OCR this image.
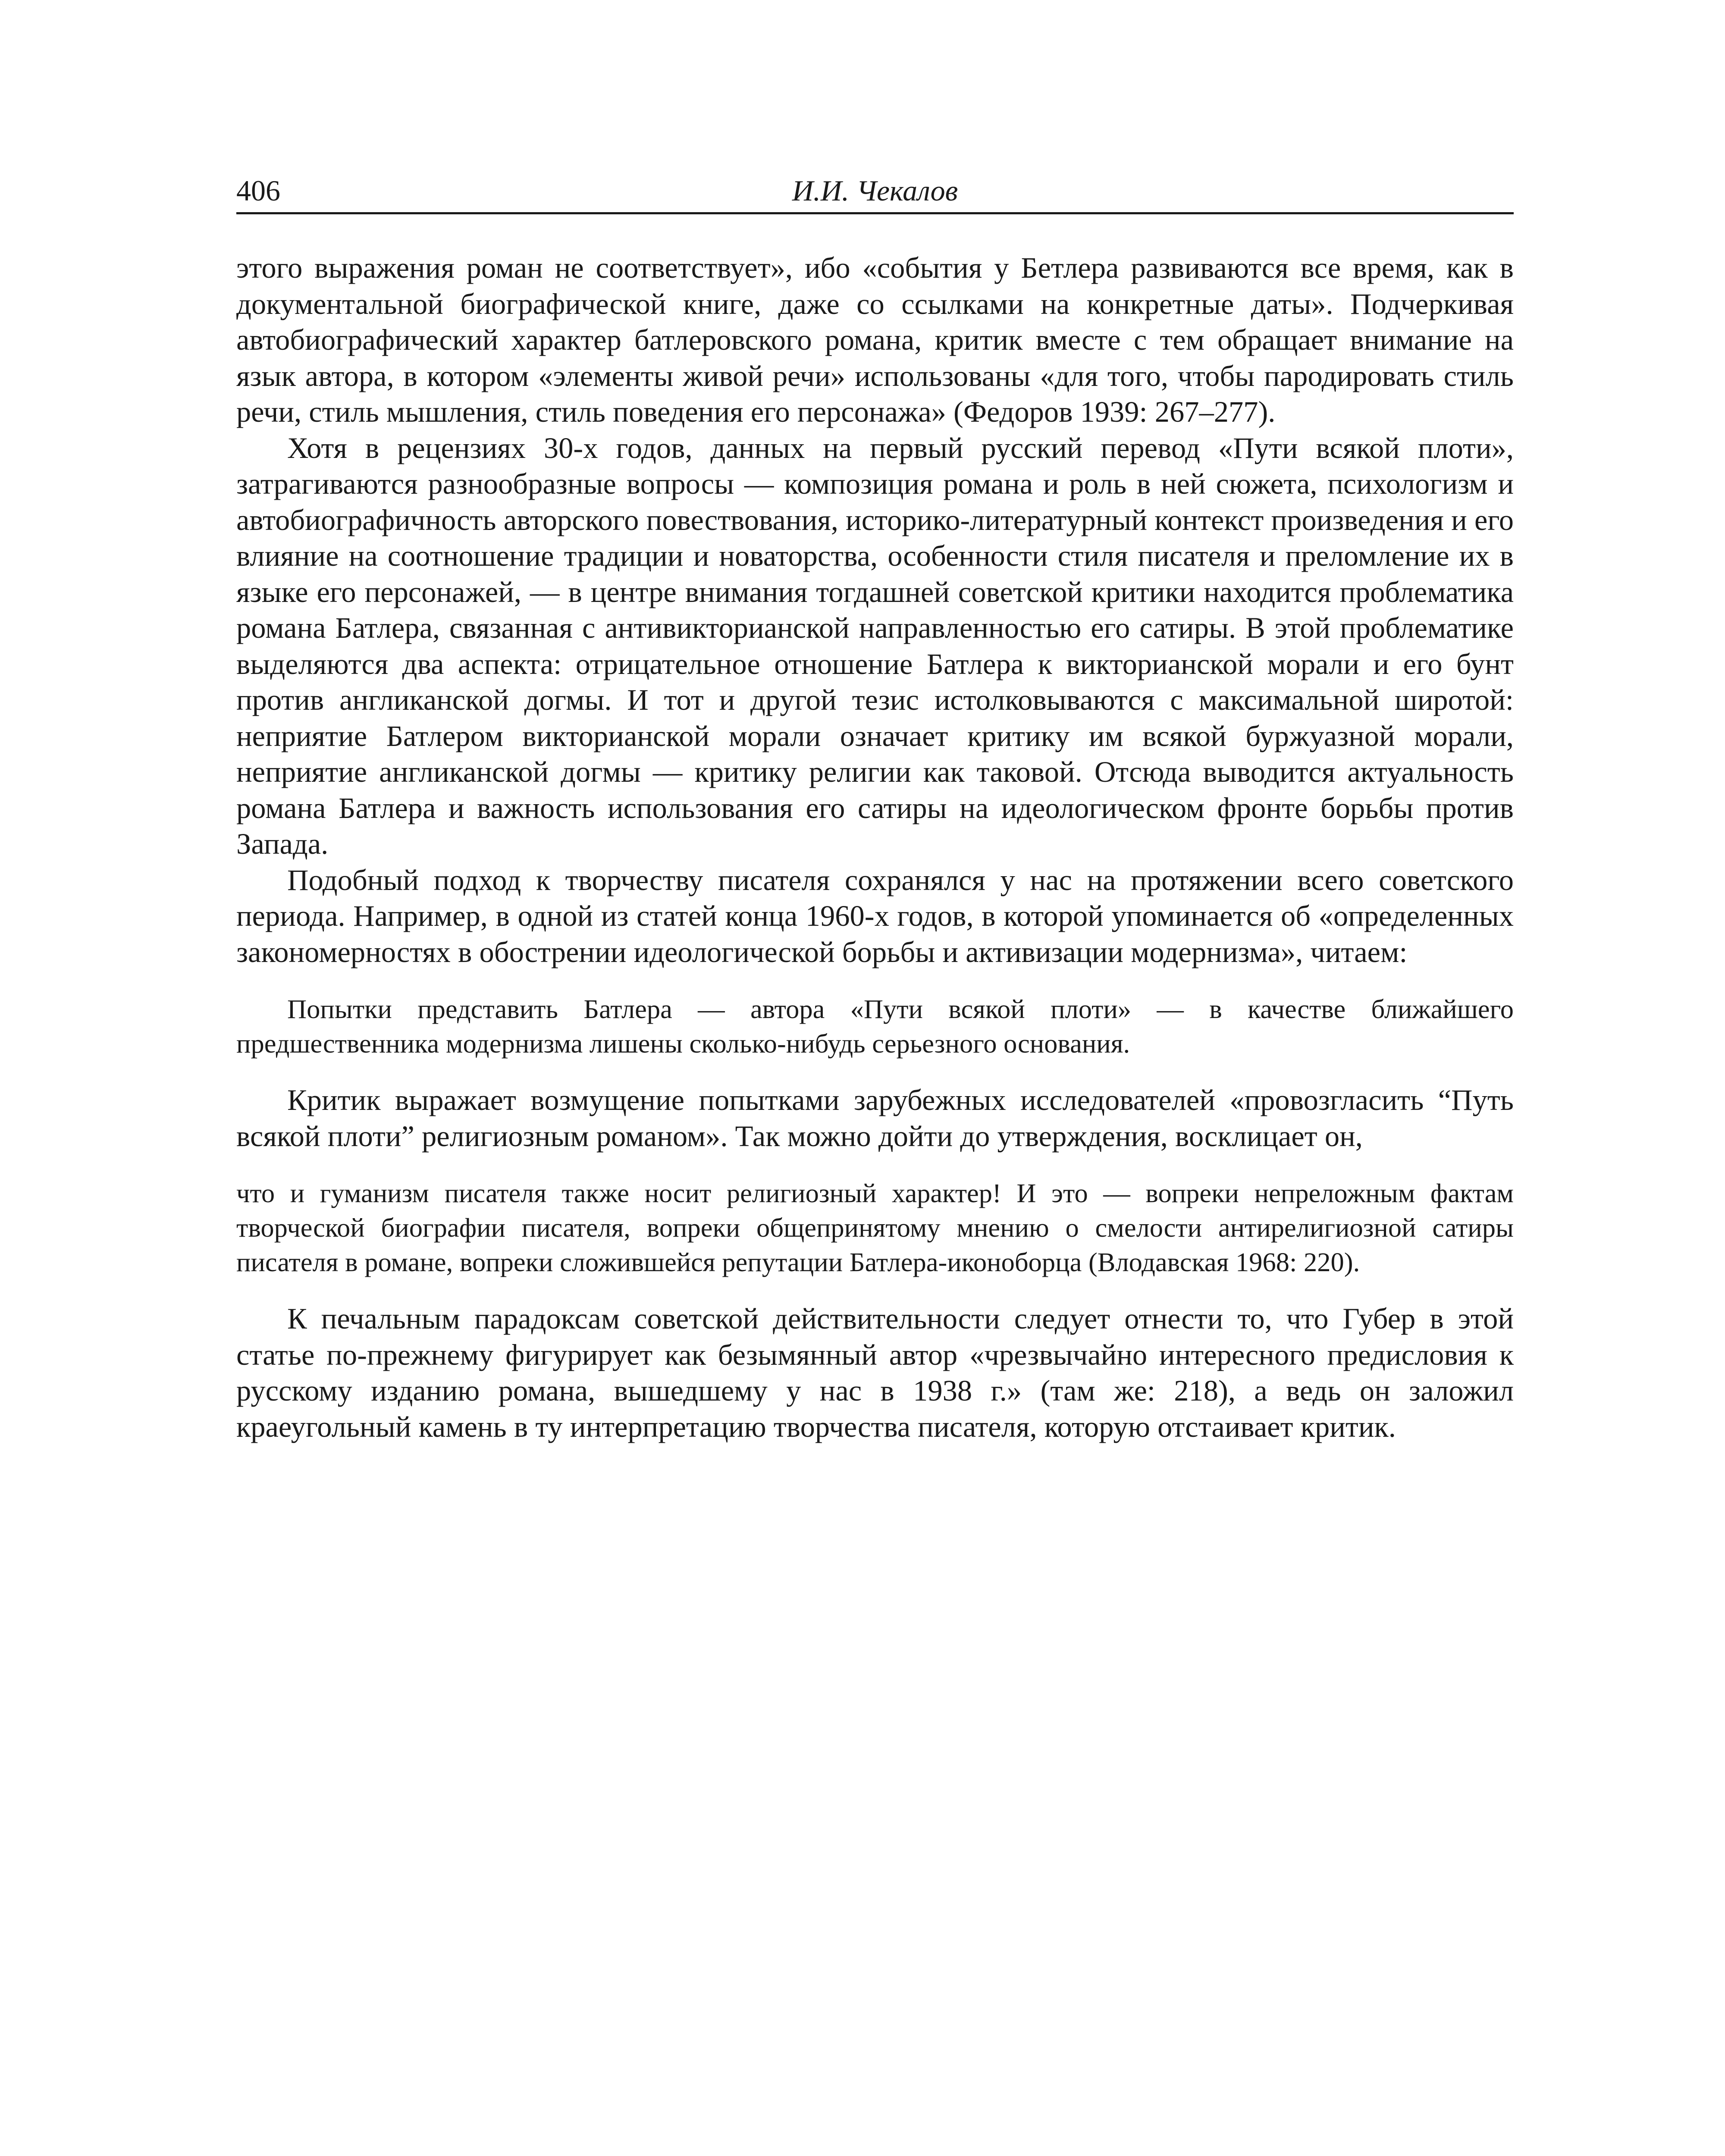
406	И.И. Чекалов

этого выражения роман не соответствует», ибо «события у Бетлера развиваются все время, как в документальной биографической книге, даже со ссылками на конкретные даты». Подчеркивая автобиографический характер батлеровского романа, критик вместе с тем обращает внимание на язык автора, в котором «элементы живой речи» использованы «для того, чтобы пародировать стиль речи, стиль мышления, стиль поведения его персонажа» (Федоров 1939: 267–277).

Хотя в рецензиях 30-х годов, данных на первый русский перевод «Пути всякой плоти», затрагиваются разнообразные вопросы — композиция романа и роль в ней сюжета, психологизм и автобиографичность авторского повествования, историко-литературный контекст произведения и его влияние на соотношение традиции и новаторства, особенности стиля писателя и преломление их в языке его персонажей, — в центре внимания тогдашней советской критики находится проблематика романа Батлера, связанная с антивикторианской направленностью его сатиры. В этой проблематике выделяются два аспекта: отрицательное отношение Батлера к викторианской морали и его бунт против англиканской догмы. И тот и другой тезис истолковываются с максимальной широтой: неприятие Батлером викторианской морали означает критику им всякой буржуазной морали, неприятие англиканской догмы — критику религии как таковой. Отсюда выводится актуальность романа Батлера и важность использования его сатиры на идеологическом фронте борьбы против Запада.

Подобный подход к творчеству писателя сохранялся у нас на протяжении всего советского периода. Например, в одной из статей конца 1960-х годов, в которой упоминается об «определенных закономерностях в обострении идеологической борьбы и активизации модернизма», читаем:

Попытки представить Батлера — автора «Пути всякой плоти» — в качестве ближайшего предшественника модернизма лишены сколько-нибудь серьезного основания.

Критик выражает возмущение попытками зарубежных исследователей «провозгласить “Путь всякой плоти” религиозным романом». Так можно дойти до утверждения, восклицает он,

что и гуманизм писателя также носит религиозный характер! И это — вопреки непреложным фактам творческой биографии писателя, вопреки общепринятому мнению о смелости антирелигиозной сатиры писателя в романе, вопреки сложившейся репутации Батлера-иконоборца (Влодавская 1968: 220).

К печальным парадоксам советской действительности следует отнести то, что Губер в этой статье по-прежнему фигурирует как безымянный автор «чрезвычайно интересного предисловия к русскому изданию романа, вышедшему у нас в 1938 г.» (там же: 218), а ведь он заложил краеугольный камень в ту интерпретацию творчества писателя, которую отстаивает критик.
